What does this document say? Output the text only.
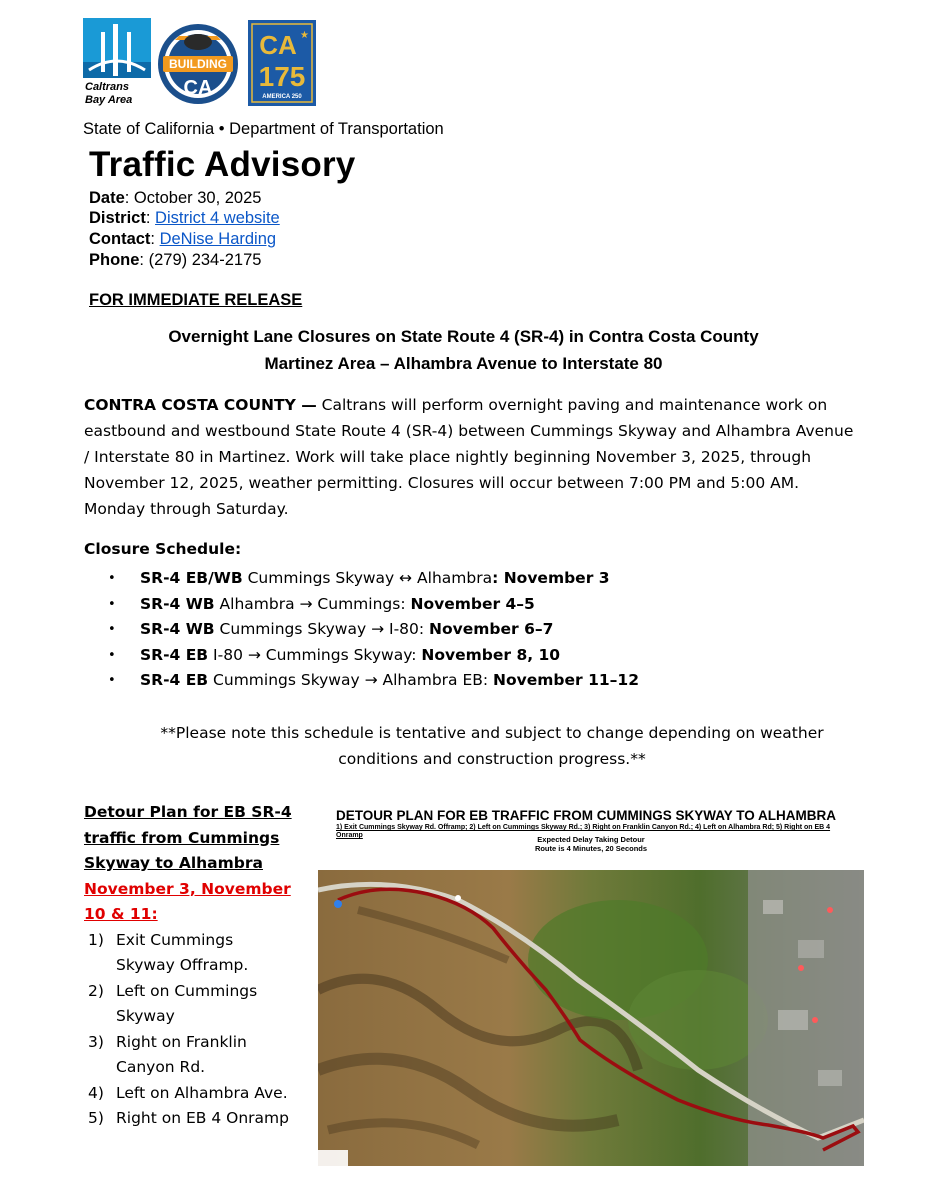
Caltrans
Bay Area
BUILDING
CA
CA ★
175
AMERICA 250
State of California • Department of Transportation
Traffic Advisory
Date: October 30, 2025
District: District 4 website
Contact: DeNise Harding
Phone: (279) 234-2175
FOR IMMEDIATE RELEASE
Overnight Lane Closures on State Route 4 (SR-4) in Contra Costa County
Martinez Area – Alhambra Avenue to Interstate 80
CONTRA COSTA COUNTY — Caltrans will perform overnight paving and maintenance work on eastbound and westbound State Route 4 (SR-4) between Cummings Skyway and Alhambra Avenue / Interstate 80 in Martinez. Work will take place nightly beginning November 3, 2025, through November 12, 2025, weather permitting. Closures will occur between 7:00 PM and 5:00 AM. Monday through Saturday.
Closure Schedule:
• SR-4 EB/WB Cummings Skyway ↔ Alhambra: November 3
• SR-4 WB Alhambra → Cummings: November 4–5
• SR-4 WB Cummings Skyway → I-80: November 6–7
• SR-4 EB I-80 → Cummings Skyway: November 8, 10
• SR-4 EB Cummings Skyway → Alhambra EB: November 11–12
**Please note this schedule is tentative and subject to change depending on weather conditions and construction progress.**
Detour Plan for EB SR-4 traffic from Cummings Skyway to Alhambra
November 3, November 10 & 11:
1) Exit Cummings Skyway Offramp.
2) Left on Cummings Skyway
3) Right on Franklin Canyon Rd.
4) Left on Alhambra Ave.
5) Right on EB 4 Onramp
DETOUR PLAN FOR EB TRAFFIC FROM CUMMINGS SKYWAY TO ALHAMBRA
1) Exit Cummings Skyway Rd. Offramp; 2) Left on Cummings Skyway Rd.; 3) Right on Franklin Canyon Rd.; 4) Left on Alhambra Rd; 5) Right on EB 4 Onramp	Expected Delay Taking Detour
Route is 4 Minutes, 20 Seconds
